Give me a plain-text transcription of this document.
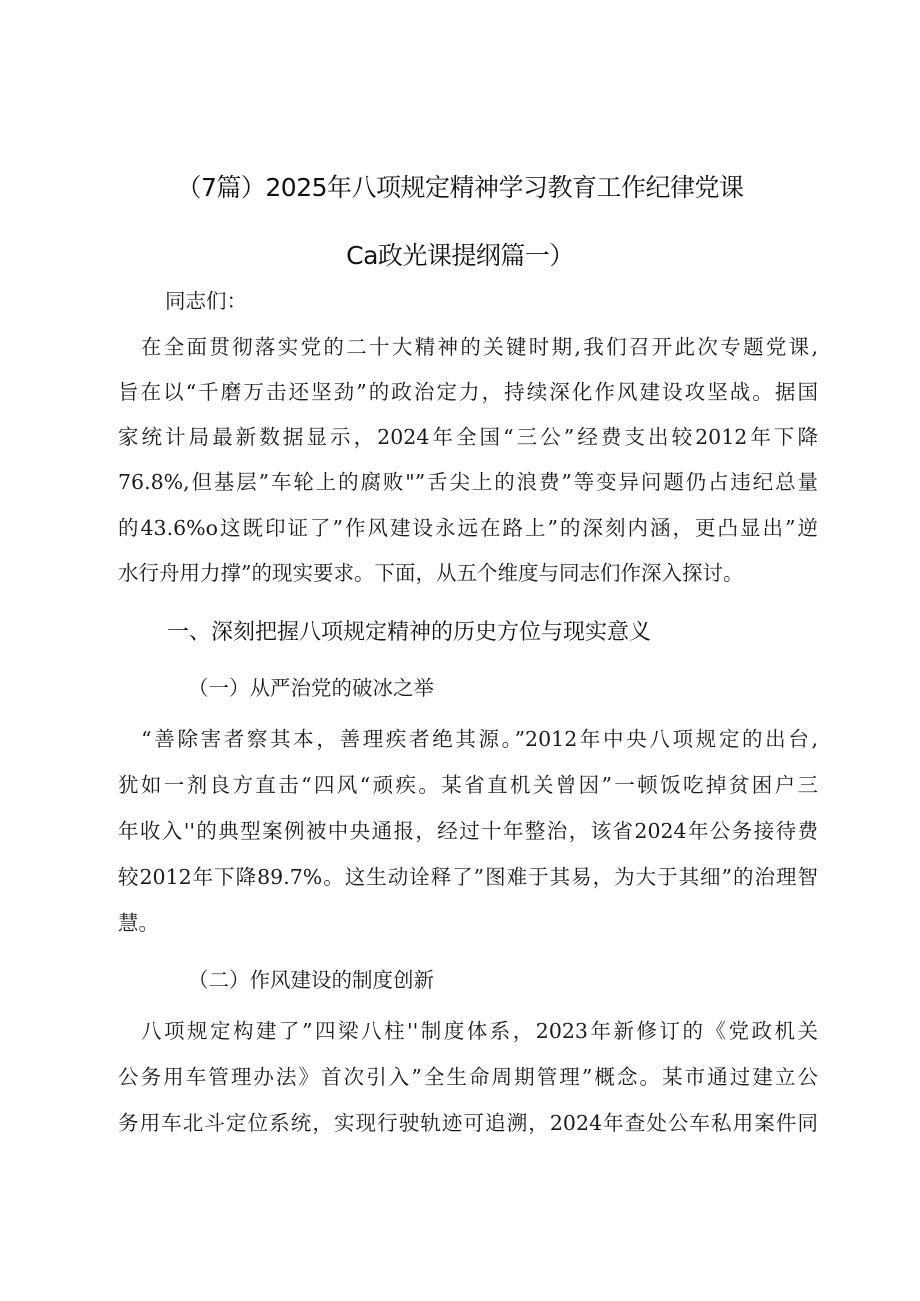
（7篇）2025年八项规定精神学习教育工作纪律党课
Ca政光课提纲篇一）
同志们：
　在全面贯彻落实党的二十大精神的关键时期,我们召开此次专题党课,
旨在以“千磨万击还坚劲”的政治定力，持续深化作风建设攻坚战。据国
家统计局最新数据显示，2024年全国“三公”经费支出较2012年下降
76.8%,但基层”车轮上的腐败"”舌尖上的浪费”等变异问题仍占违纪总量
的43.6%o这既印证了”作风建设永远在路上”的深刻内涵，更凸显出”逆
水行舟用力撑”的现实要求。下面，从五个维度与同志们作深入探讨。
一、深刻把握八项规定精神的历史方位与现实意义
（一）从严治党的破冰之举
　“善除害者察其本，善理疾者绝其源。”2012年中央八项规定的出台,
犹如一剂良方直击“四风“顽疾。某省直机关曾因”一顿饭吃掉贫困户三
年收入''的典型案例被中央通报，经过十年整治，该省2024年公务接待费
较2012年下降89.7%。这生动诠释了”图难于其易，为大于其细”的治理智
慧。
（二）作风建设的制度创新
　八项规定构建了”四梁八柱''制度体系，2023年新修订的《党政机关
公务用车管理办法》首次引入”全生命周期管理”概念。某市通过建立公
务用车北斗定位系统，实现行驶轨迹可追溯，2024年查处公车私用案件同
